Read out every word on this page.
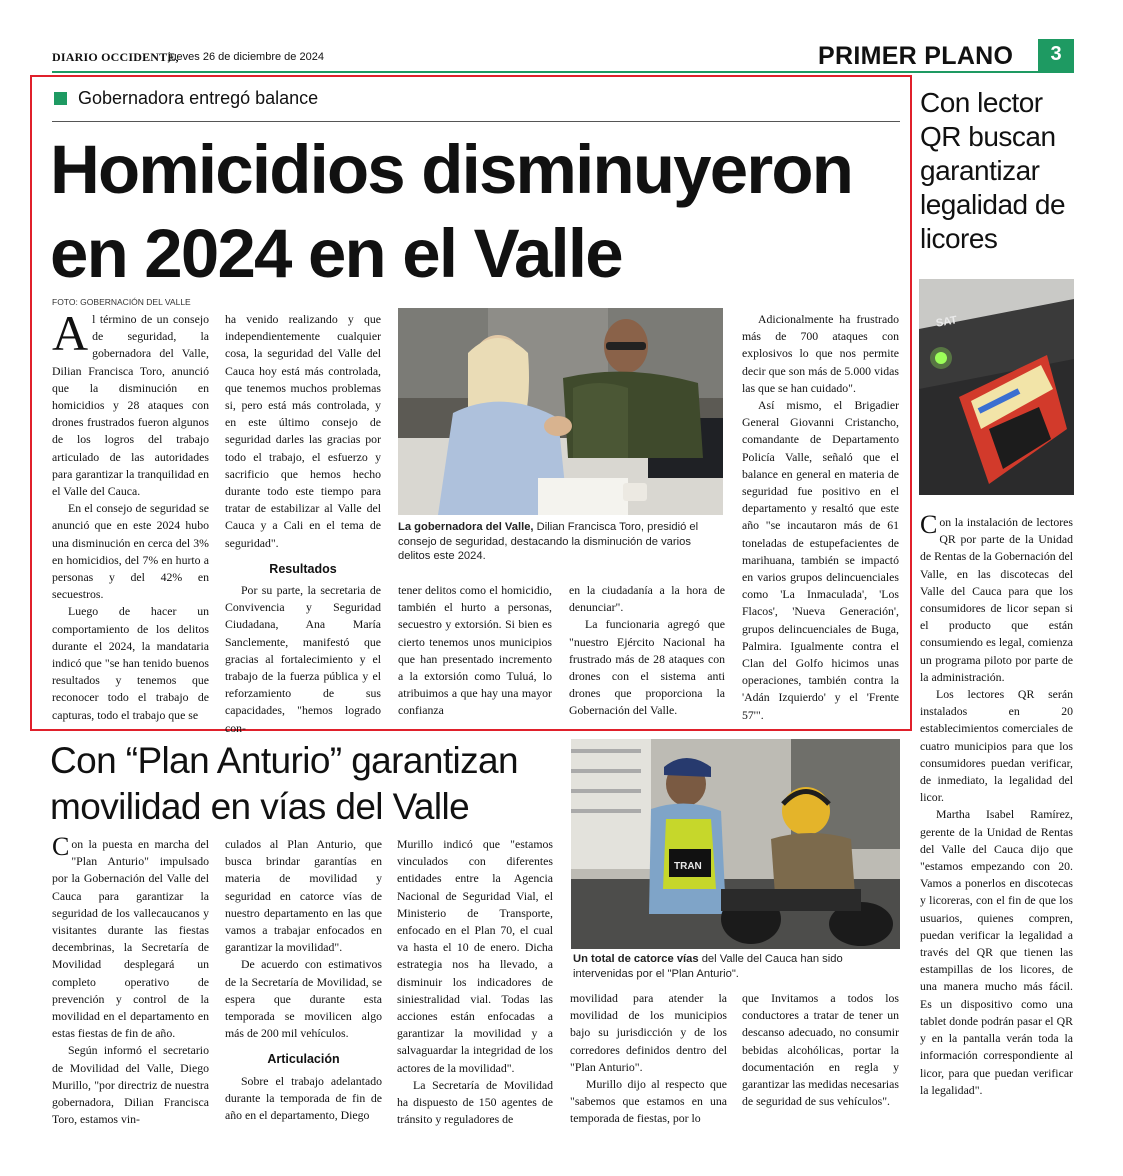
DIARIO OCCIDENTE,
jueves 26 de diciembre de 2024	PRIMER PLANO	3
Gobernadora entregó balance
Homicidios disminuyeron
en 2024 en el Valle
FOTO: GOBERNACIÓN DEL VALLE

Al término de un consejo de seguridad, la gobernadora del Valle, Dilian Francisca Toro, anunció que la disminución en homicidios y 28 ataques con drones frustrados fueron algunos de los logros del trabajo articulado de las autoridades para garantizar la tranquilidad en el Valle del Cauca.

En el consejo de seguridad se anunció que en este 2024 hubo una disminución en cerca del 3% en homicidios, del 7% en hurto a personas y del 42% en secuestros.

Luego de hacer un comportamiento de los delitos durante el 2024, la mandataria indicó que "se han tenido buenos resultados y tenemos que reconocer todo el trabajo de capturas, todo el trabajo que se

ha venido realizando y que independientemente cualquier cosa, la seguridad del Valle del Cauca hoy está más controlada, que tenemos muchos problemas si, pero está más controlada, y en este último consejo de seguridad darles las gracias por todo el trabajo, el esfuerzo y sacrificio que hemos hecho durante todo este tiempo para tratar de estabilizar al Valle del Cauca y a Cali en el tema de seguridad".

Resultados

Por su parte, la secretaria de Convivencia y Seguridad Ciudadana, Ana María Sanclemente, manifestó que gracias al fortalecimiento y el trabajo de la fuerza pública y el reforzamiento de sus capacidades, "hemos logrado con-

La gobernadora del Valle, Dilian Francisca Toro, presidió el consejo de seguridad, destacando la disminución de varios delitos este 2024.

tener delitos como el homicidio, también el hurto a personas, secuestro y extorsión. Si bien es cierto tenemos unos municipios que han presentado incremento a la extorsión como Tuluá, lo atribuimos a que hay una mayor confianza

en la ciudadanía a la hora de denunciar".

La funcionaria agregó que "nuestro Ejército Nacional ha frustrado más de 28 ataques con drones con el sistema anti drones que proporciona la Gobernación del Valle.

Adicionalmente ha frustrado más de 700 ataques con explosivos lo que nos permite decir que son más de 5.000 vidas las que se han cuidado".

Así mismo, el Brigadier General Giovanni Cristancho, comandante de Departamento Policía Valle, señaló que el balance en general en materia de seguridad fue positivo en el departamento y resaltó que este año "se incautaron más de 61 toneladas de estupefacientes de marihuana, también se impactó en varios grupos delincuenciales como 'La Inmaculada', 'Los Flacos', 'Nueva Generación', grupos delincuenciales de Buga, Palmira. Igualmente contra el Clan del Golfo hicimos unas operaciones, también contra la 'Adán Izquierdo' y el 'Frente 57'".

Con lector QR buscan garantizar legalidad de licores
SAT

Con la instalación de lectores QR por parte de la Unidad de Rentas de la Gobernación del Valle, en las discotecas del Valle del Cauca para que los consumidores de licor sepan si el producto que están consumiendo es legal, comienza un programa piloto por parte de la administración.

Los lectores QR serán instalados en 20 establecimientos comerciales de cuatro municipios para que los consumidores puedan verificar, de inmediato, la legalidad del licor.

Martha Isabel Ramírez, gerente de la Unidad de Rentas del Valle del Cauca dijo que "estamos empezando con 20. Vamos a ponerlos en discotecas y licoreras, con el fin de que los usuarios, quienes compren, puedan verificar la legalidad a través del QR que tienen las estampillas de los licores, de una manera mucho más fácil. Es un dispositivo como una tablet donde podrán pasar el QR y en la pantalla verán toda la información correspondiente al licor, para que puedan verificar la legalidad".

Con “Plan Anturio” garantizan
movilidad en vías del Valle

Con la puesta en marcha del "Plan Anturio" impulsado por la Gobernación del Valle del Cauca para garantizar la seguridad de los vallecaucanos y visitantes durante las fiestas decembrinas, la Secretaría de Movilidad desplegará un completo operativo de prevención y control de la movilidad en el departamento en estas fiestas de fin de año.

Según informó el secretario de Movilidad del Valle, Diego Murillo, "por directriz de nuestra gobernadora, Dilian Francisca Toro, estamos vin-

culados al Plan Anturio, que busca brindar garantías en materia de movilidad y seguridad en catorce vías de nuestro departamento en las que vamos a trabajar enfocados en garantizar la movilidad".

De acuerdo con estimativos de la Secretaría de Movilidad, se espera que durante esta temporada se movilicen algo más de 200 mil vehículos.

Articulación

Sobre el trabajo adelantado durante la temporada de fin de año en el departamento, Diego

Murillo indicó que "estamos vinculados con diferentes entidades entre la Agencia Nacional de Seguridad Vial, el Ministerio de Transporte, enfocado en el Plan 70, el cual va hasta el 10 de enero. Dicha estrategia nos ha llevado, a disminuir los indicadores de siniestralidad vial. Todas las acciones están enfocadas a garantizar la movilidad y a salvaguardar la integridad de los actores de la movilidad".

La Secretaría de Movilidad ha dispuesto de 150 agentes de tránsito y reguladores de

TRAN
Un total de catorce vías del Valle del Cauca han sido intervenidas por el "Plan Anturio".

movilidad para atender la movilidad de los municipios bajo su jurisdicción y de los corredores definidos dentro del "Plan Anturio".

Murillo dijo al respecto que "sabemos que estamos en una temporada de fiestas, por lo

que Invitamos a todos los conductores a tratar de tener un descanso adecuado, no consumir bebidas alcohólicas, portar la documentación en regla y garantizar las medidas necesarias de seguridad de sus vehículos".
